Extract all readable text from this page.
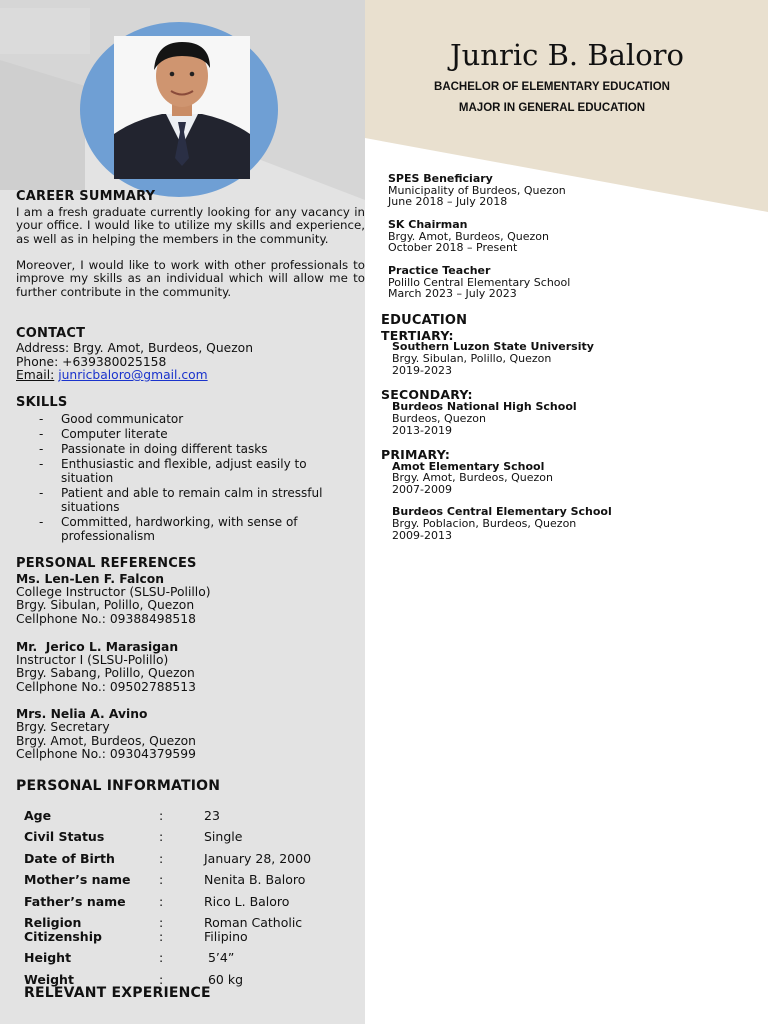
Junric B. Baloro
BACHELOR OF ELEMENTARY EDUCATION
MAJOR IN GENERAL EDUCATION
CAREER SUMMARY
I am a fresh graduate currently looking for any vacancy in your office. I would like to utilize my skills and experience, as well as in helping the members in the community.
Moreover, I would like to work with other professionals to improve my skills as an individual which will allow me to further contribute in the community.
CONTACT
Address: Brgy. Amot, Burdeos, Quezon
Phone: +639380025158
Email: junricbaloro@gmail.com
SKILLS
- Good communicator
- Computer literate
- Passionate in doing different tasks
- Enthusiastic and flexible, adjust easily to situation
- Patient and able to remain calm in stressful situations
- Committed, hardworking, with sense of professionalism
PERSONAL REFERENCES
Ms. Len-Len F. Falcon
College Instructor (SLSU-Polillo)
Brgy. Sibulan, Polillo, Quezon
Cellphone No.: 09388498518
Mr.  Jerico L. Marasigan
Instructor I (SLSU-Polillo)
Brgy. Sabang, Polillo, Quezon
Cellphone No.: 09502788513
Mrs. Nelia A. Avino
Brgy. Secretary
Brgy. Amot, Burdeos, Quezon
Cellphone No.: 09304379599
PERSONAL INFORMATION
Age	:	23
Civil Status	:	Single
Date of Birth	:	January 28, 2000
Mother’s name :	Nenita B. Baloro
Father’s name	:	Rico L. Baloro
Religion	:	Roman Catholic
Citizenship	:	Filipino
Height	:	5’4”
Weight	:	60 kg
RELEVANT EXPERIENCE
SPES Beneficiary
Municipality of Burdeos, Quezon
June 2018 – July 2018
SK Chairman
Brgy. Amot, Burdeos, Quezon
October 2018 – Present
Practice Teacher
Polillo Central Elementary School
March 2023 – July 2023
EDUCATION
TERTIARY:
Southern Luzon State University
Brgy. Sibulan, Polillo, Quezon
2019-2023
SECONDARY:
Burdeos National High School
Burdeos, Quezon
2013-2019
PRIMARY:
Amot Elementary School
Brgy. Amot, Burdeos, Quezon
2007-2009
Burdeos Central Elementary School
Brgy. Poblacion, Burdeos, Quezon
2009-2013
